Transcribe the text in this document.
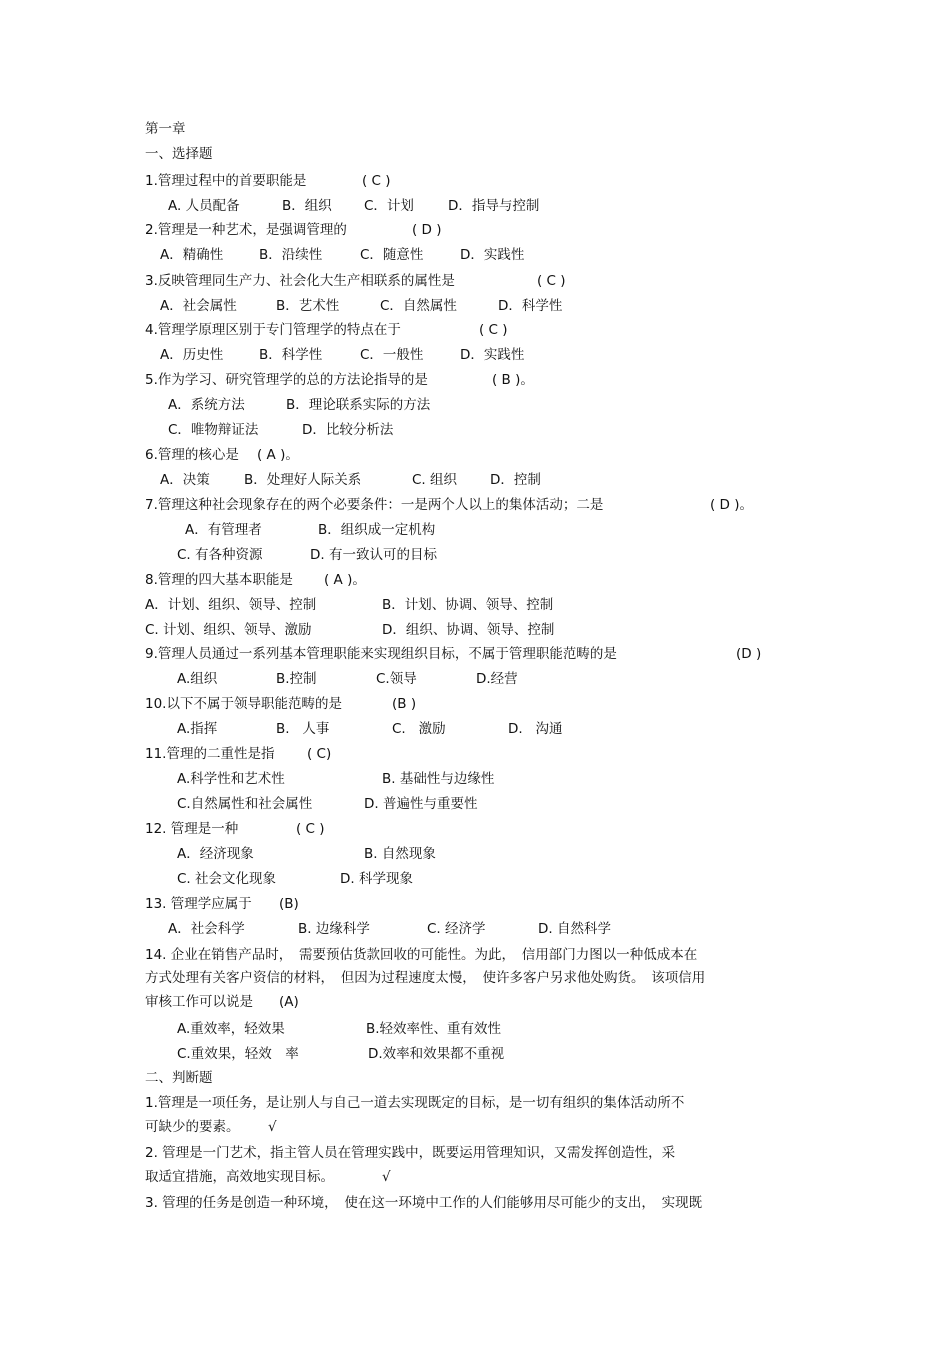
第一章
一、选择题
1.管理过程中的首要职能是	( C )
A. 人员配备	B．组织 C．计划	D．指导与控制
2.管理是一种艺术，是强调管理的	( D )
A．精确性	B．沿续性	C．随意性	D．实践性
3.反映管理同生产力、社会化大生产相联系的属性是	( C )
A．社会属性	B．艺术性	C．自然属性	D．科学性
4.管理学原理区别于专门管理学的特点在于	( C )
A．历史性	B．科学性	C．一般性	D．实践性
5.作为学习、研究管理学的总的方法论指导的是	( B )。
A．系统方法	B．理论联系实际的方法
C．唯物辩证法	D．比较分析法
6.管理的核心是 ( A )。
A．决策	B．处理好人际关系	C. 组织 D．控制
7.管理这种社会现象存在的两个必要条件：一是两个人以上的集体活动；二是	( D )。
A．有管理者	B．组织成一定机构
C. 有各种资源	D. 有一致认可的目标
8.管理的四大基本职能是 ( A )。
A．计划、组织、领导、控制	B．计划、协调、领导、控制
C. 计划、组织、领导、激励	D．组织、协调、领导、控制
9.管理人员通过一系列基本管理职能来实现组织目标，不属于管理职能范畴的是	(D )
A.组织	B.控制	C.领导	D.经营
10.以下不属于领导职能范畴的是	(B )
A.指挥	B.   人事	C.   激励	D.   沟通
11.管理的二重性是指 ( C)
A.科学性和艺术性	B. 基础性与边缘性
C.自然属性和社会属性	D. 普遍性与重要性
12. 管理是一种	( C )
A．经济现象	B. 自然现象
C. 社会文化现象	D. 科学现象
13. 管理学应属于 (B)
A．社会科学	B. 边缘科学	C. 经济学	D. 自然科学
14. 企业在销售产品时，　需要预估货款回收的可能性。为此，　信用部门力图以一种低成本在
方式处理有关客户资信的材料，　但因为过程速度太慢，　使许多客户另求他处购货。　该项信用
审核工作可以说是 (A)
A.重效率，轻效果	B.轻效率性、重有效性
C.重效果，轻效　率	D.效率和效果都不重视
二、判断题
1.管理是一项任务，是让别人与自己一道去实现既定的目标，是一切有组织的集体活动所不
可缺少的要素。 √
2. 管理是一门艺术，指主管人员在管理实践中，既要运用管理知识，又需发挥创造性，采
取适宜措施，高效地实现目标。	√
3. 管理的任务是创造一种环境，　使在这一环境中工作的人们能够用尽可能少的支出，　实现既
